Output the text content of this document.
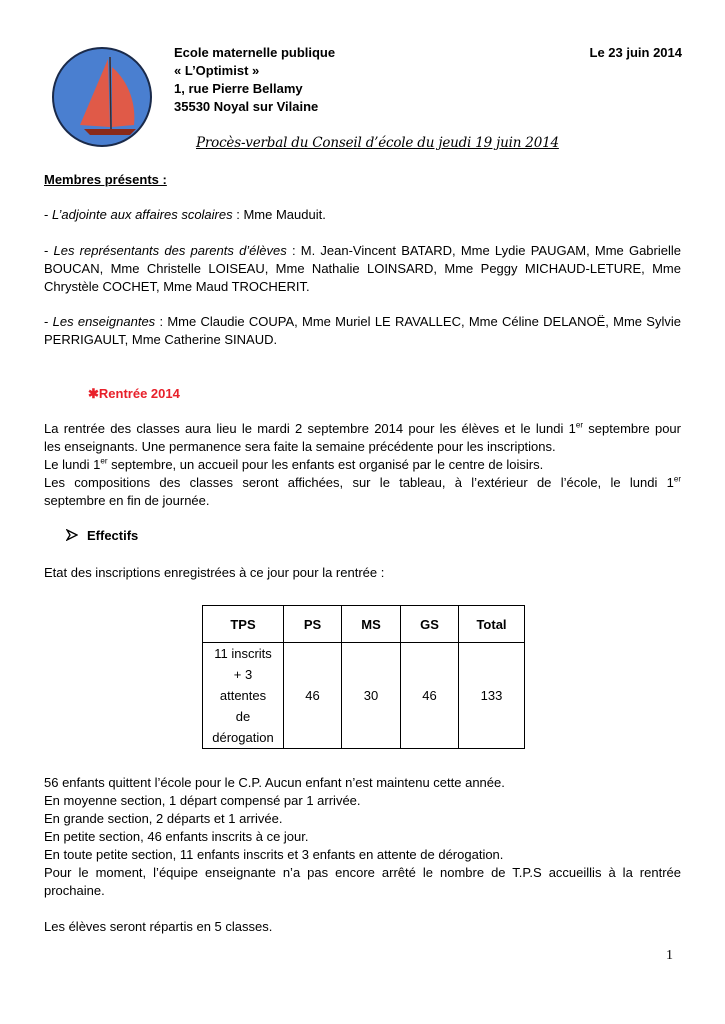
Ecole maternelle publique
« L’Optimist »
1, rue Pierre Bellamy
35530 Noyal sur Vilaine
Le 23 juin 2014
Procès-verbal du Conseil d’école du jeudi 19 juin 2014
Membres présents :
- L’adjointe aux affaires scolaires : Mme Mauduit.
- Les représentants des parents d’élèves : M. Jean-Vincent BATARD, Mme Lydie PAUGAM, Mme Gabrielle
BOUCAN, Mme Christelle LOISEAU, Mme Nathalie LOINSARD, Mme Peggy MICHAUD-LETURE, Mme
Chrystèle COCHET, Mme Maud TROCHERIT.
- Les enseignantes : Mme Claudie COUPA, Mme Muriel LE RAVALLEC, Mme Céline DELANOË, Mme Sylvie
PERRIGAULT, Mme Catherine SINAUD.
✱Rentrée 2014
La rentrée des classes aura lieu le mardi 2 septembre 2014 pour les élèves et le lundi 1er septembre pour
les enseignants. Une permanence sera faite la semaine précédente pour les inscriptions.
Le lundi 1er septembre, un accueil pour les enfants est organisé par le centre de loisirs.
Les compositions des classes seront affichées, sur le tableau, à l’extérieur de l’école, le lundi 1er
septembre en fin de journée.
Effectifs
Etat des inscriptions enregistrées à ce jour pour la rentrée :
TPS	PS	MS	GS	Total

11 inscrits
+ 3
attentes
de
dérogation	46	30	46	133
56 enfants quittent l’école pour le C.P. Aucun enfant n’est maintenu cette année.
En moyenne section, 1 départ compensé par 1 arrivée.
En grande section, 2 départs et 1 arrivée.
En petite section, 46 enfants inscrits à ce jour.
En toute petite section, 11 enfants inscrits et 3 enfants en attente de dérogation.
Pour le moment, l’équipe enseignante n’a pas encore arrêté le nombre de T.P.S accueillis à la rentrée
prochaine.
Les élèves seront répartis en 5 classes.
1
